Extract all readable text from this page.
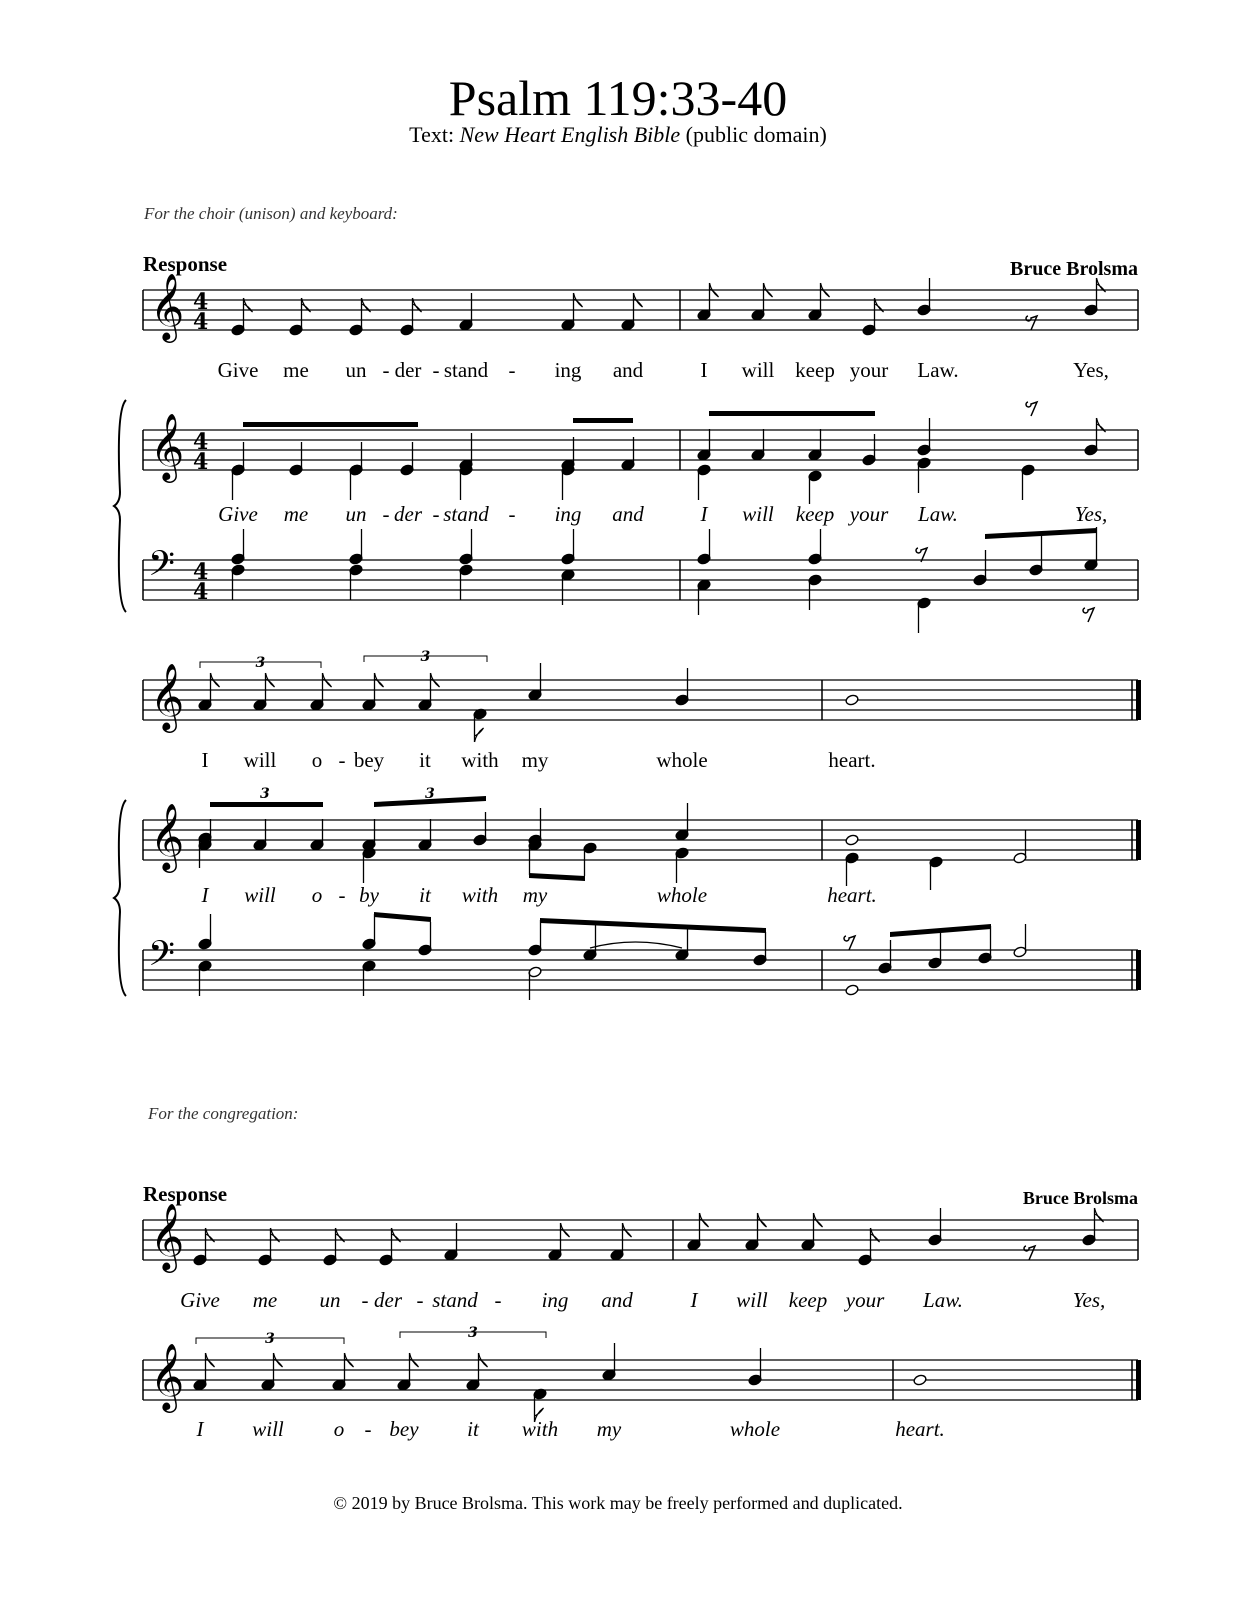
Psalm 119:33-40
Text: New Heart English Bible (public domain)
For the choir (unison) and keyboard:
Response	Bruce Brolsma
For the congregation:
Response	Bruce Brolsma
© 2019 by Bruce Brolsma. This work may be freely performed and duplicated.
Give me un - der - stand - ing and	I will keep your Law.	Yes,
Give me un - der - stand - ing and	I will keep your Law.	Yes,
I will o - bey it with my	whole	heart.
I will o - by it with my	whole	heart.
Give me un - der - stand - ing and	I will keep your Law.	Yes,
I will o - bey it with my	whole	heart.
𝄞 4
4
𝄞 4
4
𝄢 4
4
𝄞	3	3
𝄞
3	3
𝄢
𝄞
𝄞
3	3
